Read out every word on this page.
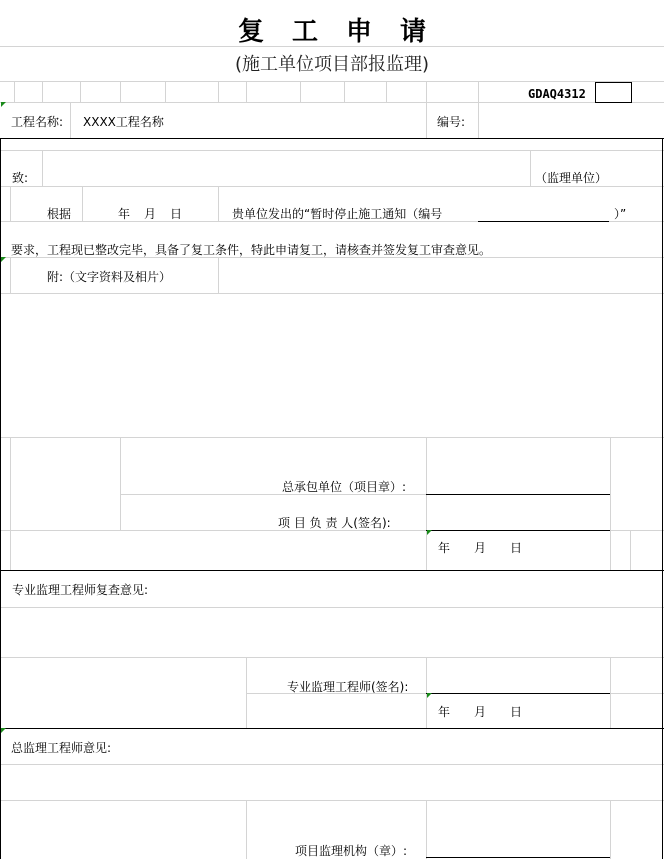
复工申请
(施工单位项目部报监理)
GDAQ4312
工程名称: XXXX工程名称	编号:
致:	（监理单位）
根据	年　月　日	贵单位发出的“暂时停止施工通知（编号	）”
要求，工程现已整改完毕，具备了复工条件，特此申请复工，请核查并签发复工审查意见。
附:（文字资料及相片）
总承包单位（项目章）:
项 目 负 责 人(签名):
年　　月　　日
专业监理工程师复查意见:
专业监理工程师(签名):
年　　月　　日
总监理工程师意见:
项目监理机构（章）:
